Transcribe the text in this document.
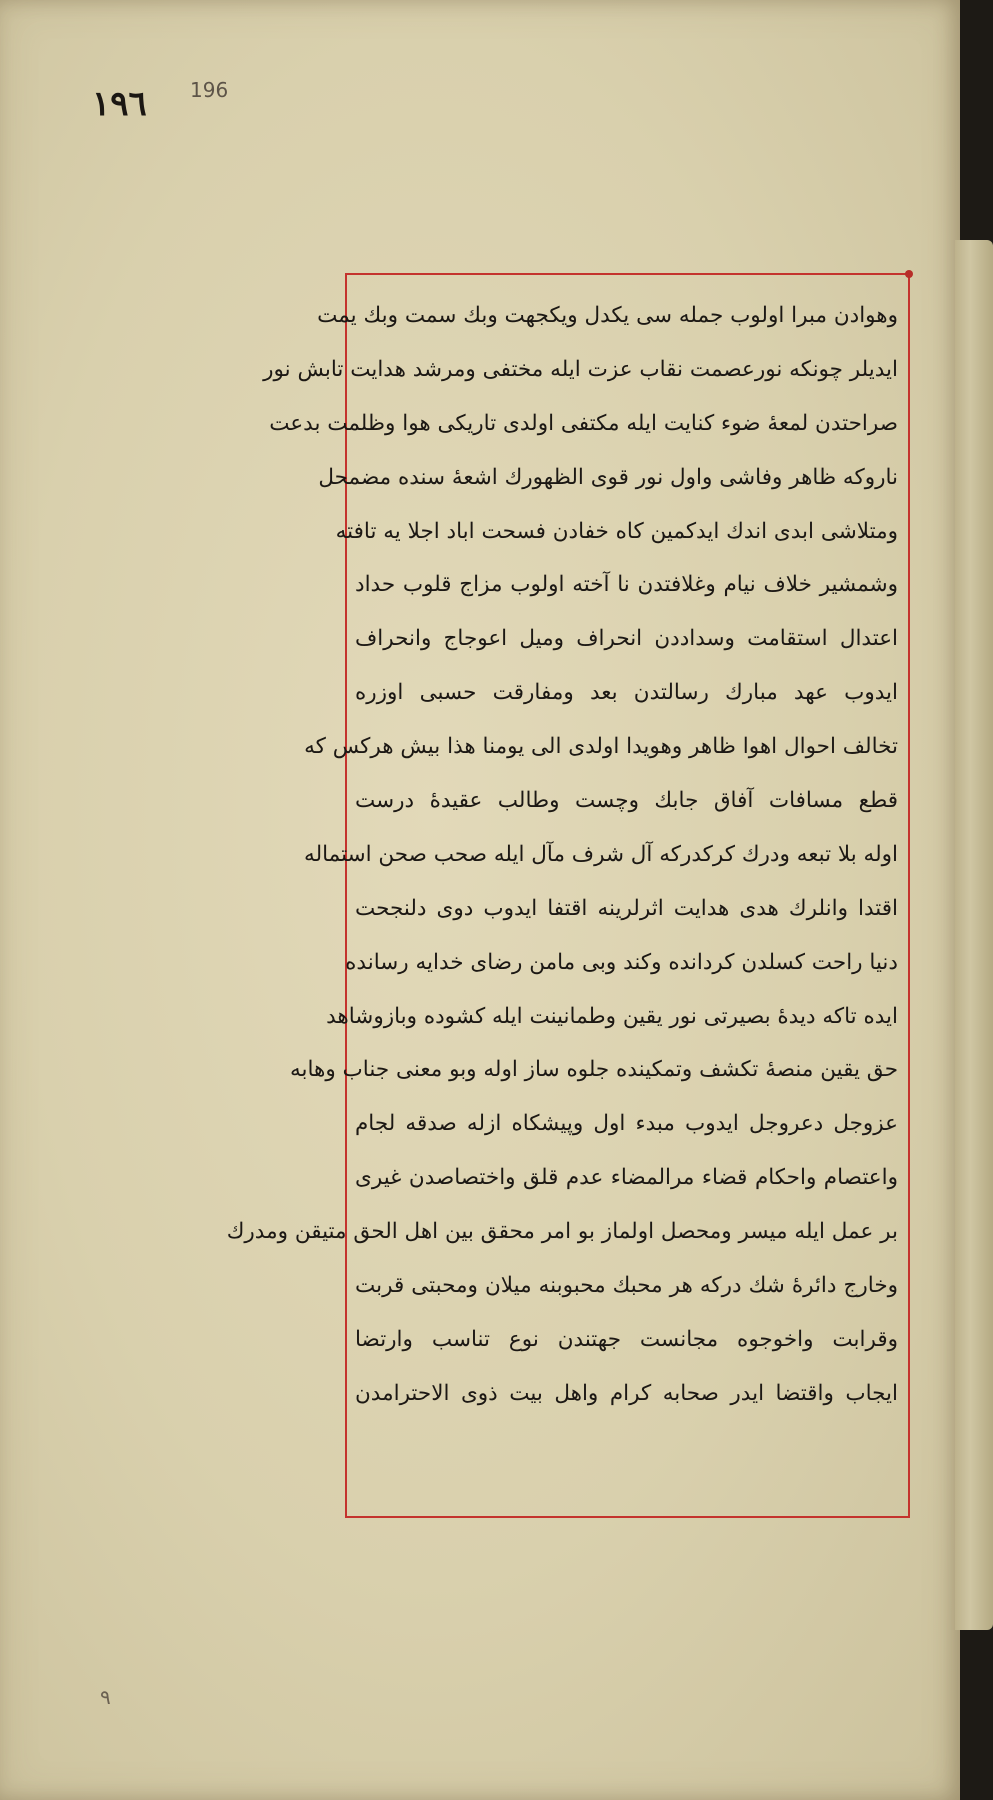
١٩٦ 196
وهوادن مبرا اولوب جمله سی یکدل ویکجهت وبك سمت وبك یمت
ایدیلر چونکه نورعصمت نقاب عزت ایله مختفی ومرشد هدایت تابش نور
صراحتدن لمعهٔ ضوء کنایت ایله مکتفی اولدی تاریکی هوا وظلمت بدعت
ناروکه ظاهر وفاشی واول نور قوی الظهورك اشعهٔ سنده مضمحل
ومتلاشی ابدی اندك ایدکمین کاه خفادن فسحت اباد اجلا یه تافته
وشمشیر خلاف نیام وغلافتدن نا آخته اولوب مزاج قلوب حداد
اعتدال استقامت وسداددن انحراف ومیل اعوجاج وانحراف
ایدوب عهد مبارك رسالتدن بعد ومفارقت حسبی اوزره
تخالف احوال اهوا ظاهر وهویدا اولدی الی یومنا هذا بیش هرکس که
قطع مسافات آفاق جابك وچست وطالب عقیدهٔ درست
اوله بلا تبعه ودرك کرکدرکه آل شرف مآل ایله صحب صحن استماله
اقتدا وانلرك هدی هدایت اثرلرینه اقتفا ایدوب دوی دلنجحت
دنیا راحت کسلدن کردانده وکند وبی مامن رضای خدایه رسانده
ایده تاکه دیدهٔ بصیرتی نور یقین وطمانینت ایله کشوده وبازوشاهد
حق یقین منصهٔ تکشف وتمکینده جلوه ساز اوله وبو معنی جناب وهابه
عزوجل دعروجل ایدوب مبدء اول وپیشکاه ازله صدقه لجام
واعتصام واحکام قضاء مرالمضاء عدم قلق واختصاصدن غیری
بر عمل ایله میسر ومحصل اولماز بو امر محقق بین اهل الحق متیقن ومدرك
وخارج دائرهٔ شك درکه هر محبك محبوبنه میلان ومحبتی قربت
وقرابت واخوجوه مجانست جهتندن نوع تناسب وارتضا
ایجاب واقتضا ایدر صحابه کرام واهل بیت ذوی الاحترامدن
٩
